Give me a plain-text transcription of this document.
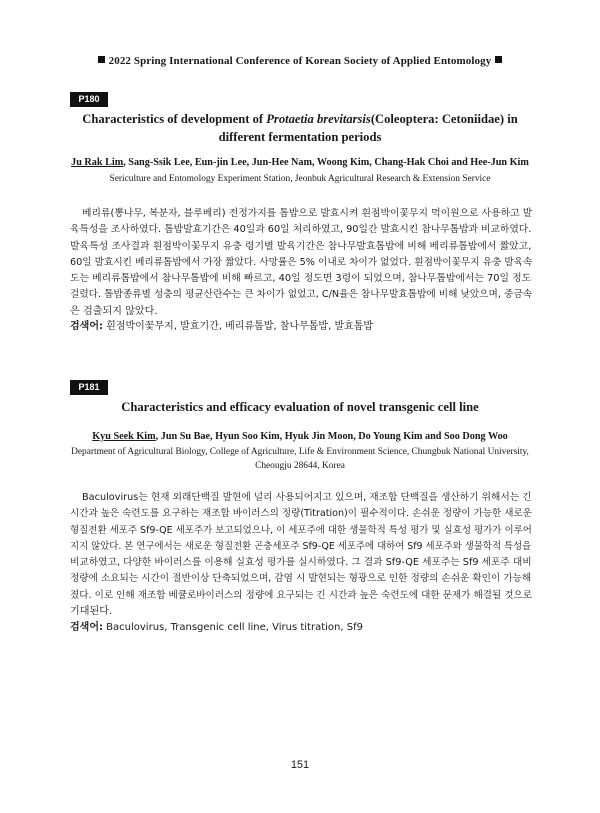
2022 Spring International Conference of Korean Society of Applied Entomology
P180
Characteristics of development of Protaetia brevitarsis(Coleoptera: Cetoniidae) in
different fermentation periods
Ju Rak Lim, Sang-Ssik Lee, Eun-jin Lee, Jun-Hee Nam, Woong Kim, Chang-Hak Choi and Hee-Jun Kim
Sericulture and Entomology Experiment Station, Jeonbuk Agricultural Research & Extension Service
베리류(뽕나무, 복분자, 블루베리) 전정가지를 톱밥으로 발효시켜 흰점박이꽃무지 먹이원으로 사용하고 발
육특성을 조사하였다. 톱밥발효기간은 40일과 60일 처리하였고, 90일간 발효시킨 참나무톱밥과 비교하였다.
발육특성 조사결과 흰점박이꽃무지 유충 령기별 발육기간은 참나무발효톱밥에 비해 베리류톱밥에서 짧았고,
60일 발효시킨 베리류톱밥에서 가장 짧았다. 사망률은 5% 이내로 차이가 없었다. 흰점박이꽃무지 유충 발육속
도는 베리류톱밥에서 참나무톱밥에 비해 빠르고, 40일 정도면 3령이 되었으며, 참나무톱밥에서는 70일 정도
걸렸다. 톱밥종류별 성충의 평균산란수는 큰 차이가 없었고, C/N율은 참나무발효톱밥에 비해 낮았으며, 중금속
은 검출되지 않았다.
검색어: 흰점박이꽃무지, 발효기간, 베리류톱밥, 참나무톱밥, 발효톱밥
P181
Characteristics and efficacy evaluation of novel transgenic cell line
Kyu Seek Kim, Jun Su Bae, Hyun Soo Kim, Hyuk Jin Moon, Do Young Kim and Soo Dong Woo
Department of Agricultural Biology, College of Agriculture, Life & Environment Science, Chungbuk National University,
Cheougju 28644, Korea
Baculovirus는 현재 외래단백질 발현에 널리 사용되어지고 있으며, 재조합 단백질을 생산하기 위해서는 긴
시간과 높은 숙련도를 요구하는 재조합 바이러스의 정량(Titration)이 필수적이다. 손쉬운 정량이 가능한 새로운
형질전환 세포주 Sf9-QE 세포주가 보고되었으나, 이 세포주에 대한 생물학적 특성 평가 및 실효성 평가가 이루어
지지 않았다. 본 연구에서는 새로운 형질전환 곤충세포주 Sf9-QE 세포주에 대하여 Sf9 세포주와 생물학적 특성을
비교하였고, 다양한 바이러스를 이용해 실효성 평가를 실시하였다. 그 결과 Sf9-QE 세포주는 Sf9 세포주 대비
정량에 소요되는 시간이 절반이상 단축되었으며, 감염 시 발현되는 형광으로 인한 정량의 손쉬운 확인이 가능해
졌다. 이로 인해 재조합 베큘로바이러스의 정량에 요구되는 긴 시간과 높은 숙련도에 대한 문제가 해결될 것으로
기대된다.
검색어: Baculovirus, Transgenic cell line, Virus titration, Sf9
151
